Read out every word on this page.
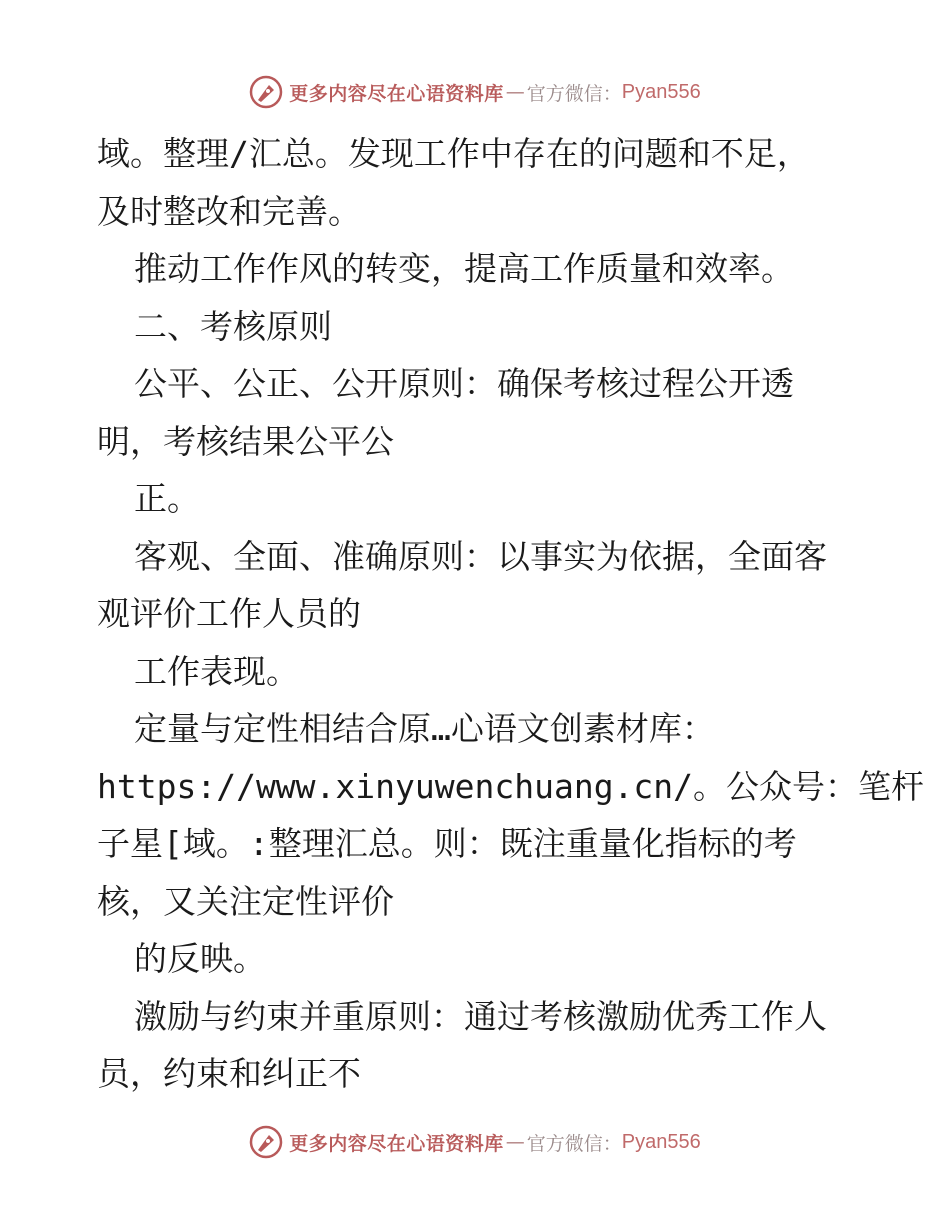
更多内容尽在心语资料库 — 官方微信： Pyan556
域。整理/汇总。发现工作中存在的问题和不足，
及时整改和完善。
推动工作作风的转变，提高工作质量和效率。
二、考核原则
公平、公正、公开原则：确保考核过程公开透
明，考核结果公平公
正。
客观、全面、准确原则：以事实为依据，全面客
观评价工作人员的
工作表现。
定量与定性相结合原…心语文创素材库：
https://www.xinyuwenchuang.cn/。公众号：笔杆
子星[域。:整理汇总。则：既注重量化指标的考
核，又关注定性评价
的反映。
激励与约束并重原则：通过考核激励优秀工作人
员，约束和纠正不
更多内容尽在心语资料库 — 官方微信： Pyan556
